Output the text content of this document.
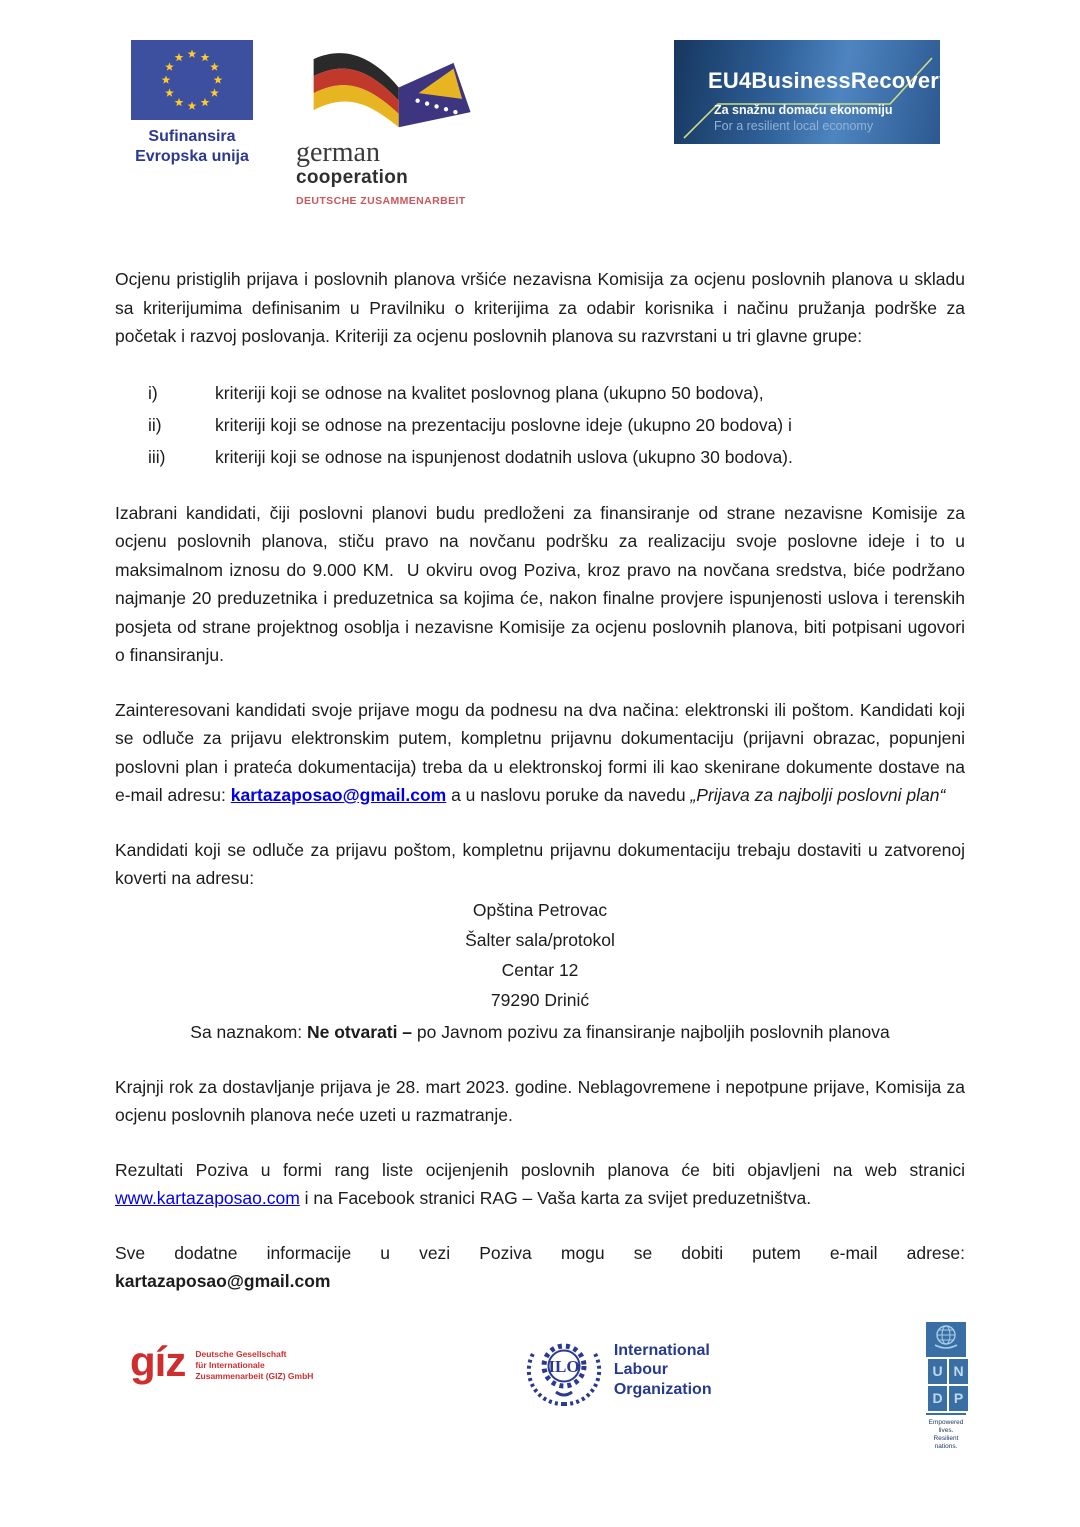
Sufinansira
Evropska unija	german
cooperation
DEUTSCHE ZUSAMMENARBEIT
EU4BusinessRecovery
Za snažnu domaću ekonomiju
For a resilient local economy

Ocjenu pristiglih prijava i poslovnih planova vršiće nezavisna Komisija za ocjenu poslovnih planova u skladu sa kriterijumima definisanim u Pravilniku o kriterijima za odabir korisnika i načinu pružanja podrške za početak i razvoj poslovanja. Kriteriji za ocjenu poslovnih planova su razvrstani u tri glavne grupe:

i)	kriteriji koji se odnose na kvalitet poslovnog plana (ukupno 50 bodova),
ii)	kriteriji koji se odnose na prezentaciju poslovne ideje (ukupno 20 bodova) i
iii)	kriteriji koji se odnose na ispunjenost dodatnih uslova (ukupno 30 bodova).

Izabrani kandidati, čiji poslovni planovi budu predloženi za finansiranje od strane nezavisne Komisije za ocjenu poslovnih planova, stiču pravo na novčanu podršku za realizaciju svoje poslovne ideje i to u maksimalnom iznosu do 9.000 KM.  U okviru ovog Poziva, kroz pravo na novčana sredstva, biće podržano najmanje 20 preduzetnika i preduzetnica sa kojima će, nakon finalne provjere ispunjenosti uslova i terenskih posjeta od strane projektnog osoblja i nezavisne Komisije za ocjenu poslovnih planova, biti potpisani ugovori o finansiranju.

Zainteresovani kandidati svoje prijave mogu da podnesu na dva načina: elektronski ili poštom. Kandidati koji se odluče za prijavu elektronskim putem, kompletnu prijavnu dokumentaciju (prijavni obrazac, popunjeni poslovni plan i prateća dokumentacija) treba da u elektronskoj formi ili kao skenirane dokumente dostave na e-mail adresu: kartazaposao@gmail.com a u naslovu poruke da navedu „Prijava za najbolji poslovni plan“

Kandidati koji se odluče za prijavu poštom, kompletnu prijavnu dokumentaciju trebaju dostaviti u zatvorenoj koverti na adresu:

Opština Petrovac
Šalter sala/protokol
Centar 12
79290 Drinić
Sa naznakom: Ne otvarati – po Javnom pozivu za finansiranje najboljih poslovnih planova

Krajnji rok za dostavljanje prijava je 28. mart 2023. godine. Neblagovremene i nepotpune prijave, Komisija za ocjenu poslovnih planova neće uzeti u razmatranje.

Rezultati Poziva u formi rang liste ocijenjenih poslovnih planova će biti objavljeni na web stranici www.kartazaposao.com i na Facebook stranici RAG – Vaša karta za svijet preduzetništva.

Sve dodatne informacije u vezi Poziva mogu se dobiti putem e-mail adrese:
kartazaposao@gmail.com
gíz Deutsche Gesellschaft
für Internationale
Zusammenarbeit (GIZ) GmbH	ILO
International
Labour
Organization
U N
D P
Empowered lives.
Resilient nations.
